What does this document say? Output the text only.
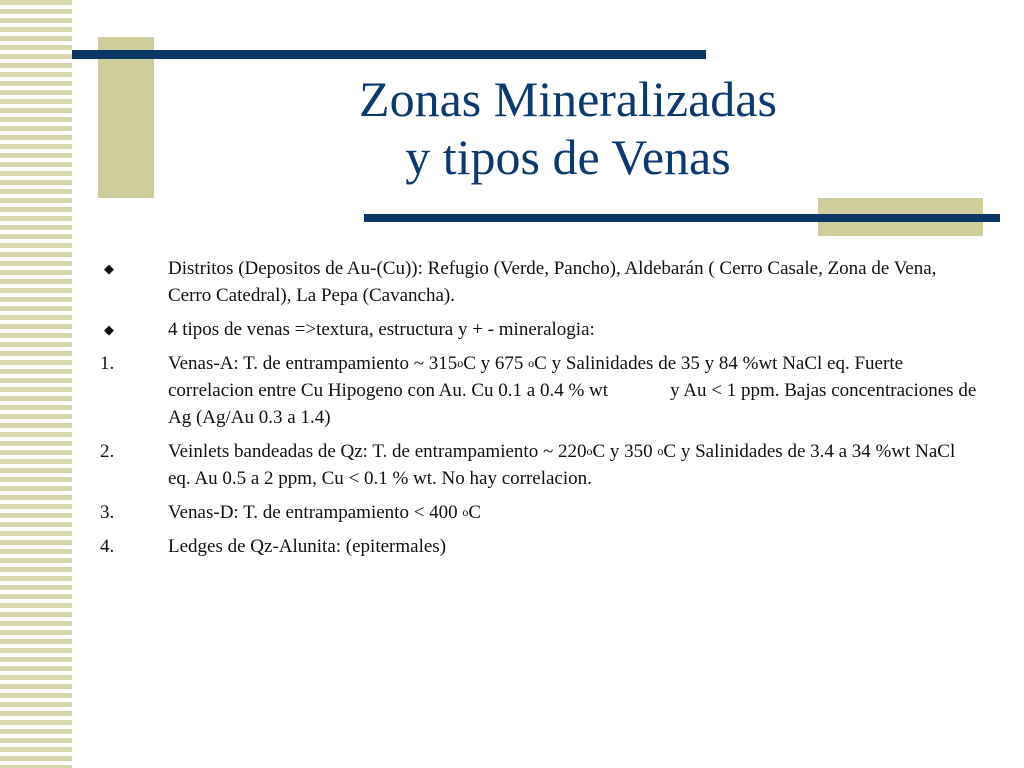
Zonas Mineralizadas
y tipos de Venas
◆	Distritos (Depositos de Au-(Cu)): Refugio (Verde, Pancho), Aldebarán ( Cerro Casale, Zona de Vena, Cerro Catedral), La Pepa (Cavancha).
◆	4 tipos de venas =>textura, estructura y + - mineralogia:
1.	Venas-A: T. de entrampamiento ~ 315$^o$C y 675 $^o$C y Salinidades de 35 y 84 %wt NaCl eq. Fuerte correlacion entre Cu Hipogeno con Au. Cu 0.1 a 0.4 % wt	y Au < 1 ppm. Bajas concentraciones de Ag (Ag/Au 0.3 a 1.4)
2.	Veinlets bandeadas de Qz: T. de entrampamiento ~ 220$^o$C y 350 $^o$C y Salinidades de 3.4 a 34 %wt NaCl eq. Au 0.5 a 2 ppm, Cu < 0.1 % wt. No hay correlacion.
3.	Venas-D: T. de entrampamiento < 400 $^o$C
4.	Ledges de Qz-Alunita: (epitermales)
